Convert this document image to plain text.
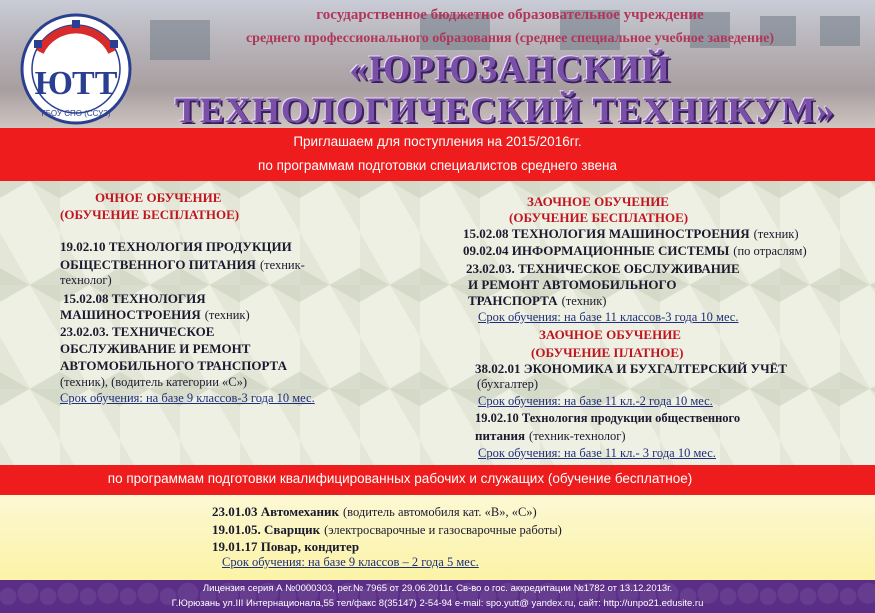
ЮТТ
ГБОУ СПО (ССУЗ)
государственное бюджетное образовательное учреждение
среднего профессионального образования (среднее специальное учебное заведение)
«ЮРЮЗАНСКИЙ
ТЕХНОЛОГИЧЕСКИЙ ТЕХНИКУМ»
Приглашаем для поступления на 2015/2016гг.
по программам подготовки специалистов среднего звена
ОЧНОЕ ОБУЧЕНИЕ
(ОБУЧЕНИЕ БЕСПЛАТНОЕ)
19.02.10 ТЕХНОЛОГИЯ ПРОДУКЦИИ
ОБЩЕСТВЕННОГО ПИТАНИЯ (техник-
технолог)
15.02.08 ТЕХНОЛОГИЯ
МАШИНОСТРОЕНИЯ (техник)
23.02.03. ТЕХНИЧЕСКОЕ
ОБСЛУЖИВАНИЕ И РЕМОНТ
АВТОМОБИЛЬНОГО ТРАНСПОРТА
(техник), (водитель категории «С»)
Срок обучения: на базе 9 классов-3 года 10 мес.
ЗАОЧНОЕ ОБУЧЕНИЕ
(ОБУЧЕНИЕ БЕСПЛАТНОЕ)
15.02.08 ТЕХНОЛОГИЯ МАШИНОСТРОЕНИЯ (техник)
09.02.04 ИНФОРМАЦИОННЫЕ СИСТЕМЫ (по отраслям)
23.02.03. ТЕХНИЧЕСКОЕ ОБСЛУЖИВАНИЕ
И РЕМОНТ АВТОМОБИЛЬНОГО
ТРАНСПОРТА (техник)
Срок обучения: на базе 11 классов-3 года 10 мес.
ЗАОЧНОЕ ОБУЧЕНИЕ
(ОБУЧЕНИЕ ПЛАТНОЕ)
38.02.01 ЭКОНОМИКА И БУХГАЛТЕРСКИЙ УЧЁТ
(бухгалтер)
Срок обучения: на базе 11 кл.-2 года 10 мес.
19.02.10 Технология продукции общественного
питания (техник-технолог)
Срок обучения: на базе 11 кл.- 3 года 10 мес.
по программам подготовки квалифицированных рабочих и служащих (обучение бесплатное)
23.01.03 Автомеханик (водитель автомобиля кат. «В», «С»)
19.01.05. Сварщик (электросварочные и газосварочные работы)
19.01.17 Повар, кондитер
Срок обучения: на базе 9 классов – 2 года 5 мес.
Лицензия серия А №0000303, рег.№ 7965 от 29.06.2011г. Св-во о гос. аккредитации №1782 от 13.12.2013г.
Г.Юрюзань ул.III Интернационала,55 тел/факс 8(35147) 2-54-94 e-mail: spo.yutt@ yandex.ru, сайт: http://unpo21.edusite.ru
